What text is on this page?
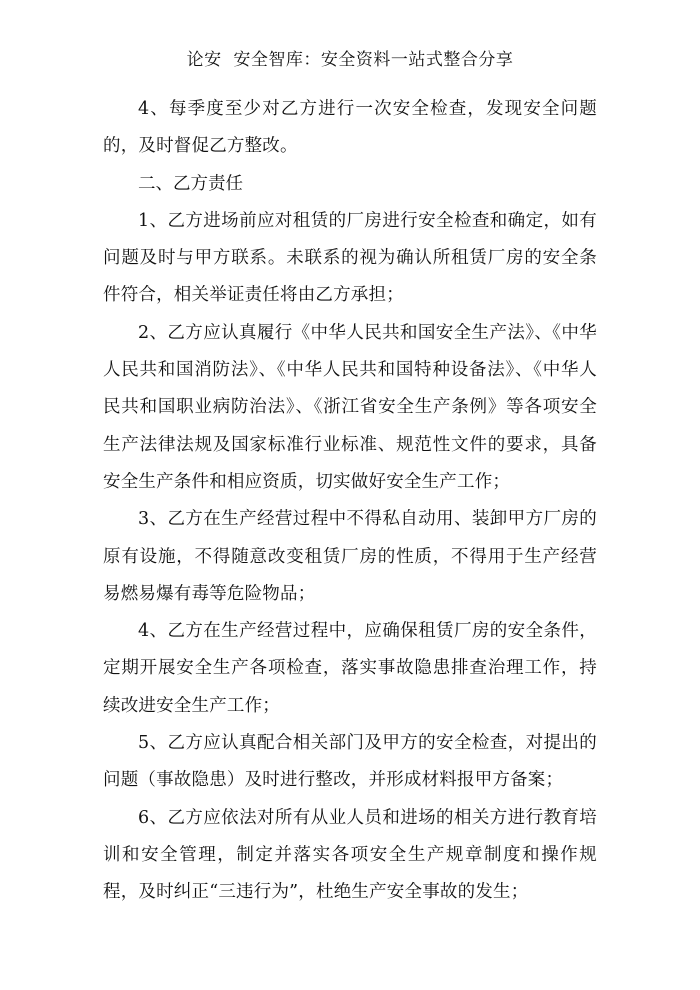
论安  安全智库：安全资料一站式整合分享

4、每季度至少对乙方进行一次安全检查，发现安全问题的，及时督促乙方整改。

二、乙方责任

1、乙方进场前应对租赁的厂房进行安全检查和确定，如有问题及时与甲方联系。未联系的视为确认所租赁厂房的安全条件符合，相关举证责任将由乙方承担；

2、乙方应认真履行《中华人民共和国安全生产法》、《中华人民共和国消防法》、《中华人民共和国特种设备法》、《中华人民共和国职业病防治法》、《浙江省安全生产条例》等各项安全生产法律法规及国家标准行业标准、规范性文件的要求，具备安全生产条件和相应资质，切实做好安全生产工作；

3、乙方在生产经营过程中不得私自动用、装卸甲方厂房的原有设施，不得随意改变租赁厂房的性质，不得用于生产经营易燃易爆有毒等危险物品；

4、乙方在生产经营过程中，应确保租赁厂房的安全条件，定期开展安全生产各项检查，落实事故隐患排查治理工作，持续改进安全生产工作；

5、乙方应认真配合相关部门及甲方的安全检查，对提出的问题（事故隐患）及时进行整改，并形成材料报甲方备案；

6、乙方应依法对所有从业人员和进场的相关方进行教育培训和安全管理，制定并落实各项安全生产规章制度和操作规程，及时纠正“三违行为”，杜绝生产安全事故的发生；
